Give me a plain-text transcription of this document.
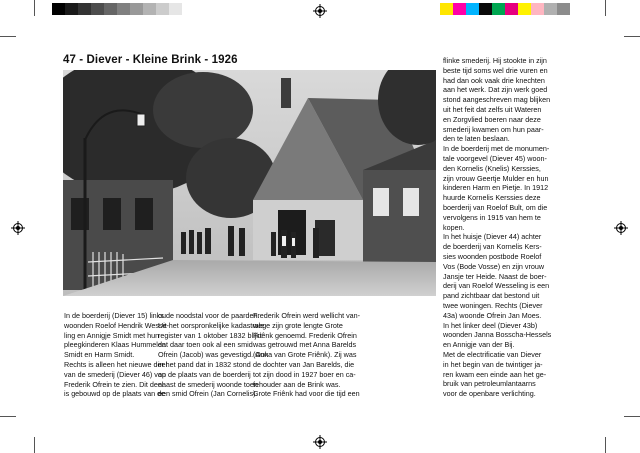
47 - Diever - Kleine Brink - 1926
In de boerderij (Diever 15) links
woonden Roelof Hendrik Wesse-
ling en Annigje Smidt met hun
pleegkinderen Klaas Hummelen
Smidt en Harm Smidt.
Rechts is alleen het nieuwe deel
van de smederij (Diever 46) van
Frederik Ofrein te zien. Dit deel
is gebouwd op de plaats van de
oude noodstal voor de paarden.
Uit het oorspronkelijke kadastrale
register van 1 oktober 1832 blijkt
dat daar toen ook al een smid
Ofrein (Jacob) was gevestigd. Ook
in het pand dat in 1832 stond
op de plaats van de boerderij
naast de smederij woonde toen
een smid Ofrein (Jan Cornelis).
Frederik Ofrein werd wellicht van-
wege zijn grote lengte Grote
Friênk genoemd. Frederik Ofrein
was getrouwd met Anna Barelds
(Anna van Grote Friênk). Zij was
de dochter van Jan Barelds, die
tot zijn dood in 1927 boer en ca-
fehouder aan de Brink was.
Grote Friênk had voor die tijd een
flinke smederij. Hij stookte in zijn
beste tijd soms wel drie vuren en
had dan ook vaak drie knechten
aan het werk. Dat zijn werk goed
stond aangeschreven mag blijken
uit het feit dat zelfs uit Wateren
en Zorgvlied boeren naar deze
smederij kwamen om hun paar-
den te laten beslaan.
In de boerderij met de monumen-
tale voorgevel (Diever 45) woon-
den Kornelis (Knelis) Kerssies,
zijn vrouw Geertje Mulder en hun
kinderen Harm en Pietje. In 1912
huurde Kornelis Kerssies deze
boerderij van Roelof Bult, om die
vervolgens in 1915 van hem te
kopen.
In het huisje (Diever 44) achter
de boerderij van Kornelis Kers-
sies woonden postbode Roelof
Vos (Bode Vosse) en zijn vrouw
Jansje ter Heide. Naast de boer-
derij van Roelof Wesseling is een
pand zichtbaar dat bestond uit
twee woningen. Rechts (Diever
43a) woonde Ofrein Jan Moes.
In het linker deel (Diever 43b)
woonden Janna Bosscha-Hessels
en Annigje van der Bij.
Met de electrificatie van Diever
in het begin van de twintiger ja-
ren kwam een einde aan het ge-
bruik van petroleumlantaarns
voor de openbare verlichting.
